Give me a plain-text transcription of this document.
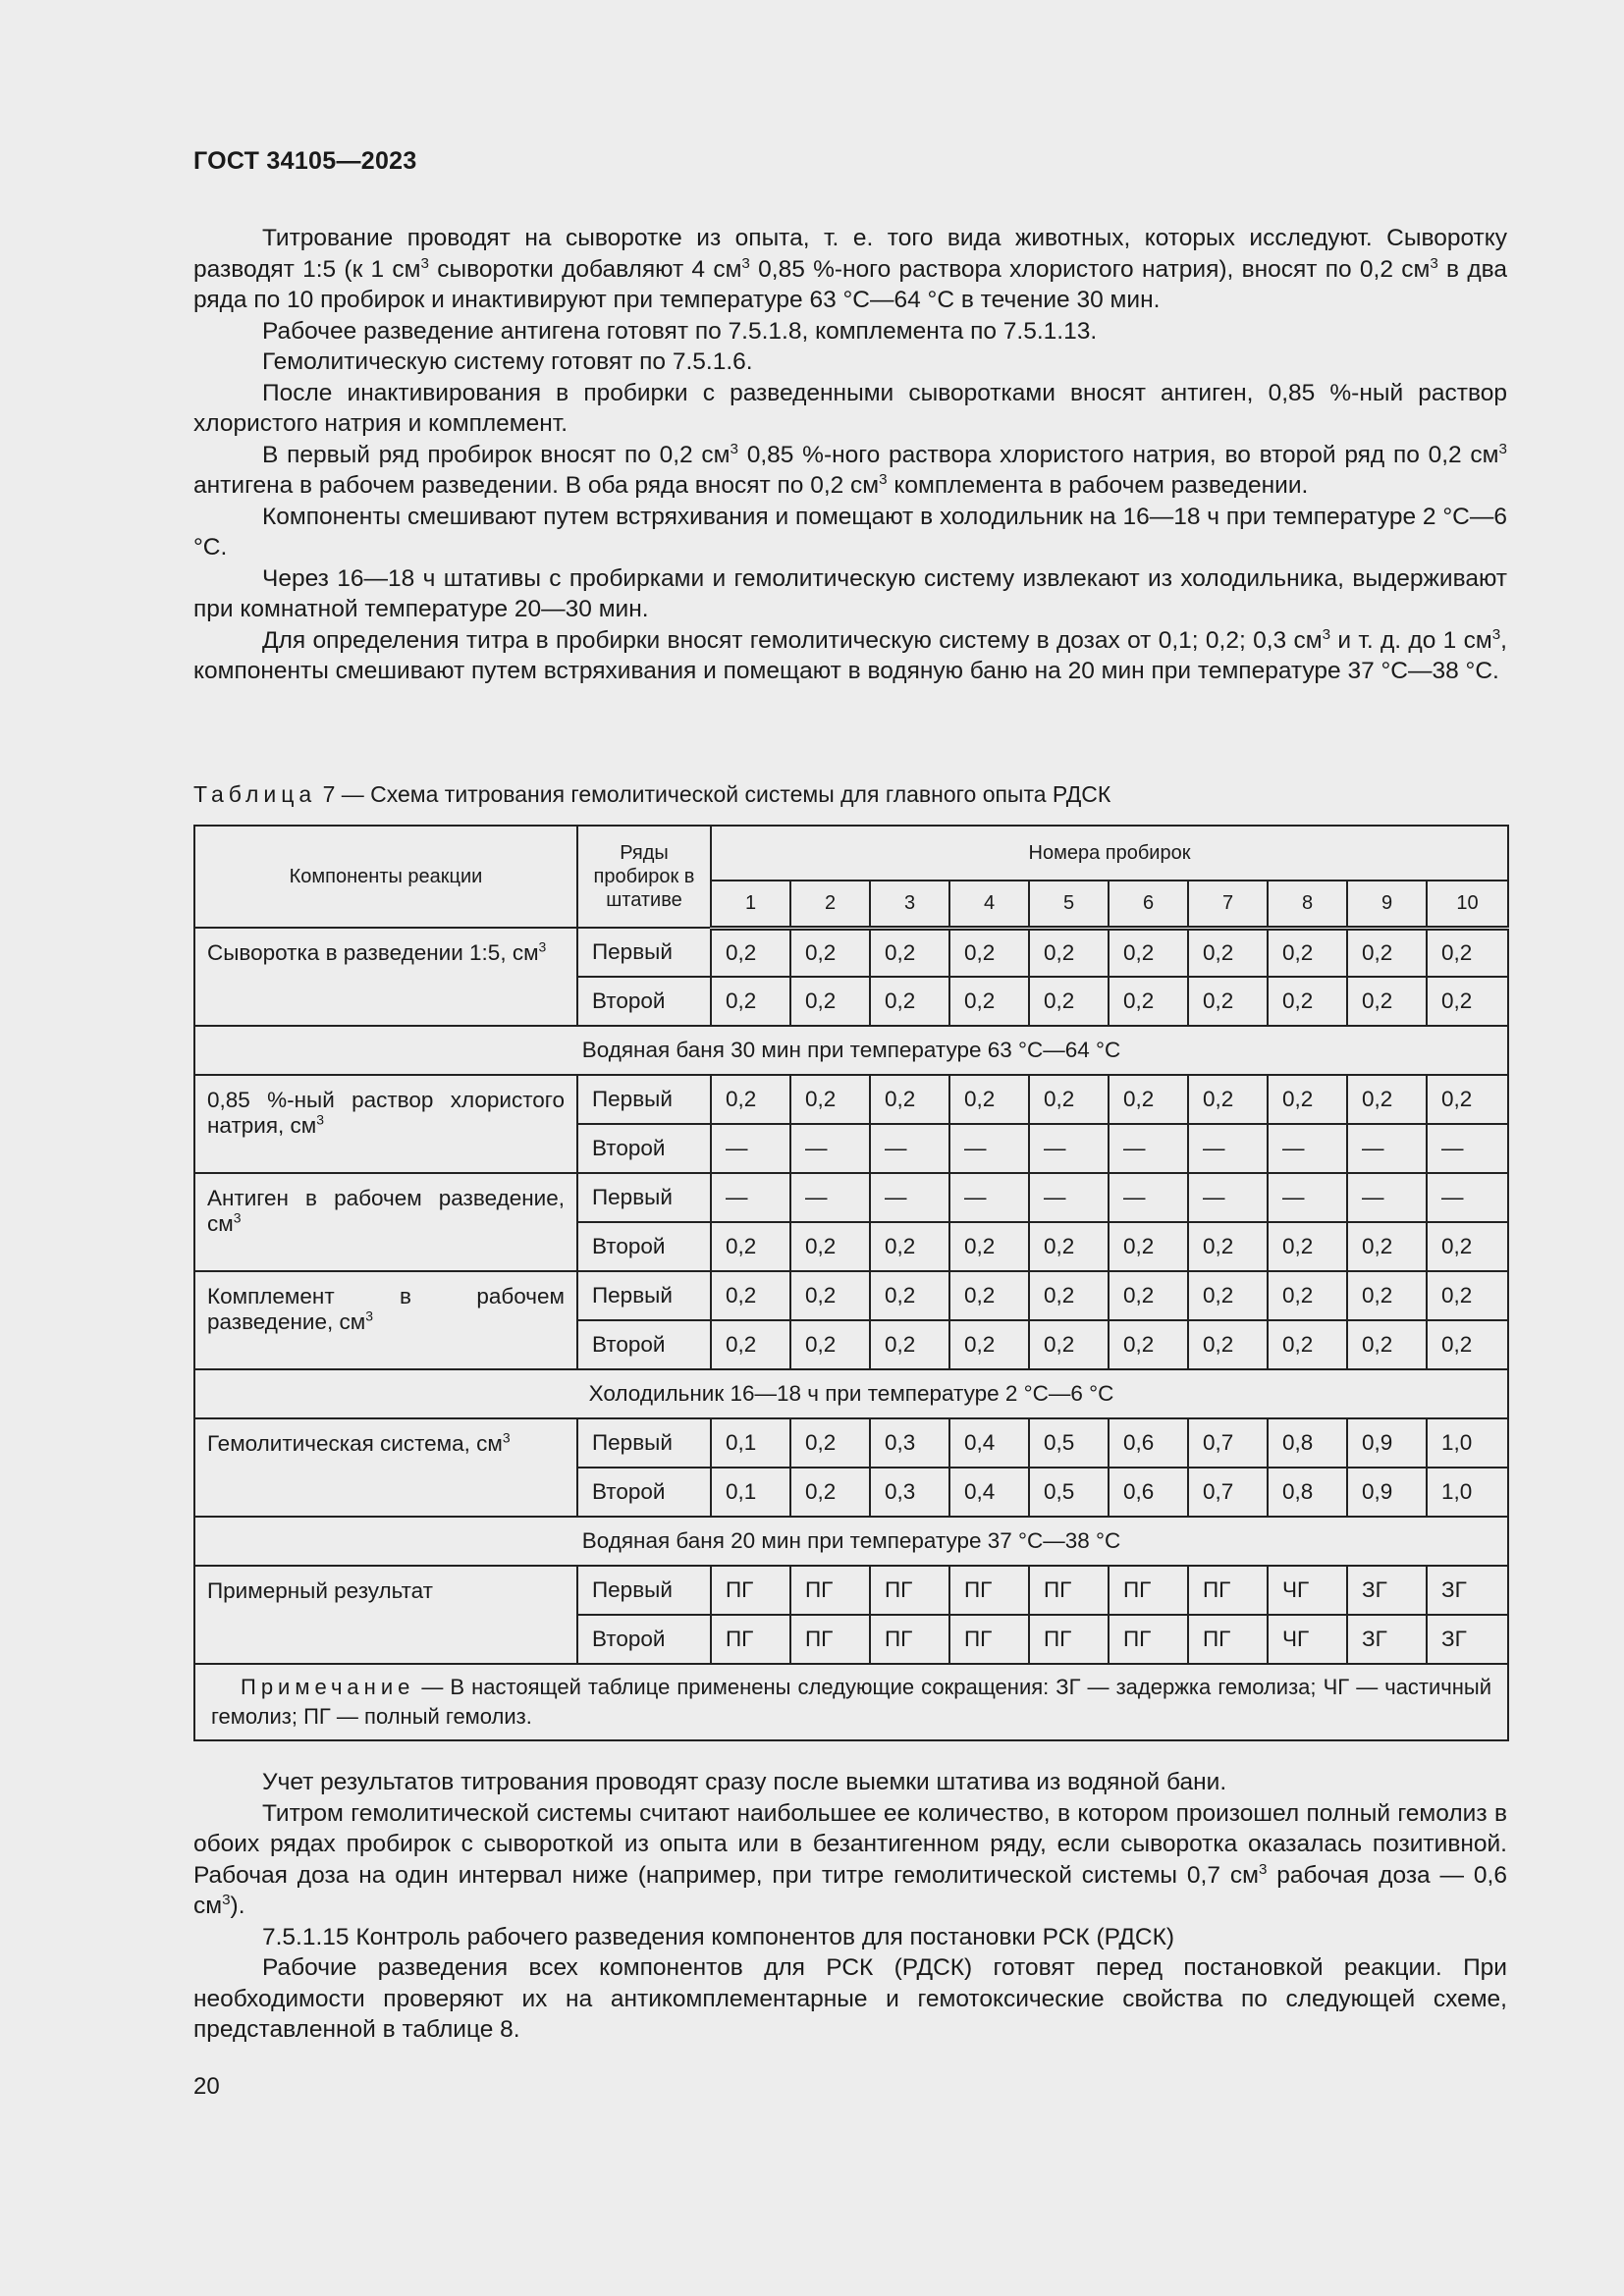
ГОСТ 34105—2023

Титрование проводят на сыворотке из опыта, т. е. того вида животных, которых исследуют. Сыворотку разводят 1:5 (к 1 $см^3$ сыворотки добавляют 4 $см^3$ 0,85 %-ного раствора хлористого натрия), вносят по 0,2 $см^3$ в два ряда по 10 пробирок и инактивируют при температуре 63 °С—64 °С в течение 30 мин.

Рабочее разведение антигена готовят по 7.5.1.8, комплемента по 7.5.1.13.

Гемолитическую систему готовят по 7.5.1.6.

После инактивирования в пробирки с разведенными сыворотками вносят антиген, 0,85 %-ный раствор хлористого натрия и комплемент.

В первый ряд пробирок вносят по 0,2 $см^3$ 0,85 %-ного раствора хлористого натрия, во второй ряд по 0,2 $см^3$ антигена в рабочем разведении. В оба ряда вносят по 0,2 $см^3$ комплемента в рабочем разведении.

Компоненты смешивают путем встряхивания и помещают в холодильник на 16—18 ч при температуре 2 °С—6 °С.

Через 16—18 ч штативы с пробирками и гемолитическую систему извлекают из холодильника, выдерживают при комнатной температуре 20—30 мин.

Для определения титра в пробирки вносят гемолитическую систему в дозах от 0,1; 0,2; 0,3 $см^3$ и т. д. до 1 $см^3$, компоненты смешивают путем встряхивания и помещают в водяную баню на 20 мин при температуре 37 °С—38 °С.

Таблица 7 — Схема титрования гемолитической системы для главного опыта РДСК
Компоненты реакции	Ряды пробирок в штативе	Номера пробирок									
		1	2	3	4	5	6	7	8	9	10
Сыворотка в разведении 1:5, $см^3$	Первый	0,2	0,2	0,2	0,2	0,2	0,2	0,2	0,2	0,2	0,2
	Второй	0,2	0,2	0,2	0,2	0,2	0,2	0,2	0,2	0,2	0,2
Водяная баня 30 мин при температуре 63 °С—64 °С											
0,85 %-ный раствор хлористого натрия, $см^3$	Первый	0,2	0,2	0,2	0,2	0,2	0,2	0,2	0,2	0,2	0,2
	Второй	—	—	—	—	—	—	—	—	—	—
Антиген в рабочем разведение, $см^3$	Первый	—	—	—	—	—	—	—	—	—	—
	Второй	0,2	0,2	0,2	0,2	0,2	0,2	0,2	0,2	0,2	0,2
Комплемент в рабочем разведение, $см^3$	Первый	0,2	0,2	0,2	0,2	0,2	0,2	0,2	0,2	0,2	0,2
	Второй	0,2	0,2	0,2	0,2	0,2	0,2	0,2	0,2	0,2	0,2
Холодильник 16—18 ч при температуре 2 °С—6 °С											
Гемолитическая система, $см^3$	Первый	0,1	0,2	0,3	0,4	0,5	0,6	0,7	0,8	0,9	1,0
	Второй	0,1	0,2	0,3	0,4	0,5	0,6	0,7	0,8	0,9	1,0
Водяная баня 20 мин при температуре 37 °С—38 °С											
Примерный результат	Первый	ПГ	ПГ	ПГ	ПГ	ПГ	ПГ	ПГ	ЧГ	ЗГ	ЗГ
	Второй	ПГ	ПГ	ПГ	ПГ	ПГ	ПГ	ПГ	ЧГ	ЗГ	ЗГ
Примечание — В настоящей таблице применены следующие сокращения: ЗГ — задержка гемолиза; ЧГ — частичный гемолиз; ПГ — полный гемолиз.											

Учет результатов титрования проводят сразу после выемки штатива из водяной бани.

Титром гемолитической системы считают наибольшее ее количество, в котором произошел полный гемолиз в обоих рядах пробирок с сывороткой из опыта или в безантигенном ряду, если сыворотка оказалась позитивной. Рабочая доза на один интервал ниже (например, при титре гемолитической системы 0,7 $см^3$ рабочая доза — 0,6 $см^3$).

7.5.1.15 Контроль рабочего разведения компонентов для постановки РСК (РДСК)

Рабочие разведения всех компонентов для РСК (РДСК) готовят перед постановкой реакции. При необходимости проверяют их на антикомплементарные и гемотоксические свойства по следующей схеме, представленной в таблице 8.

20
